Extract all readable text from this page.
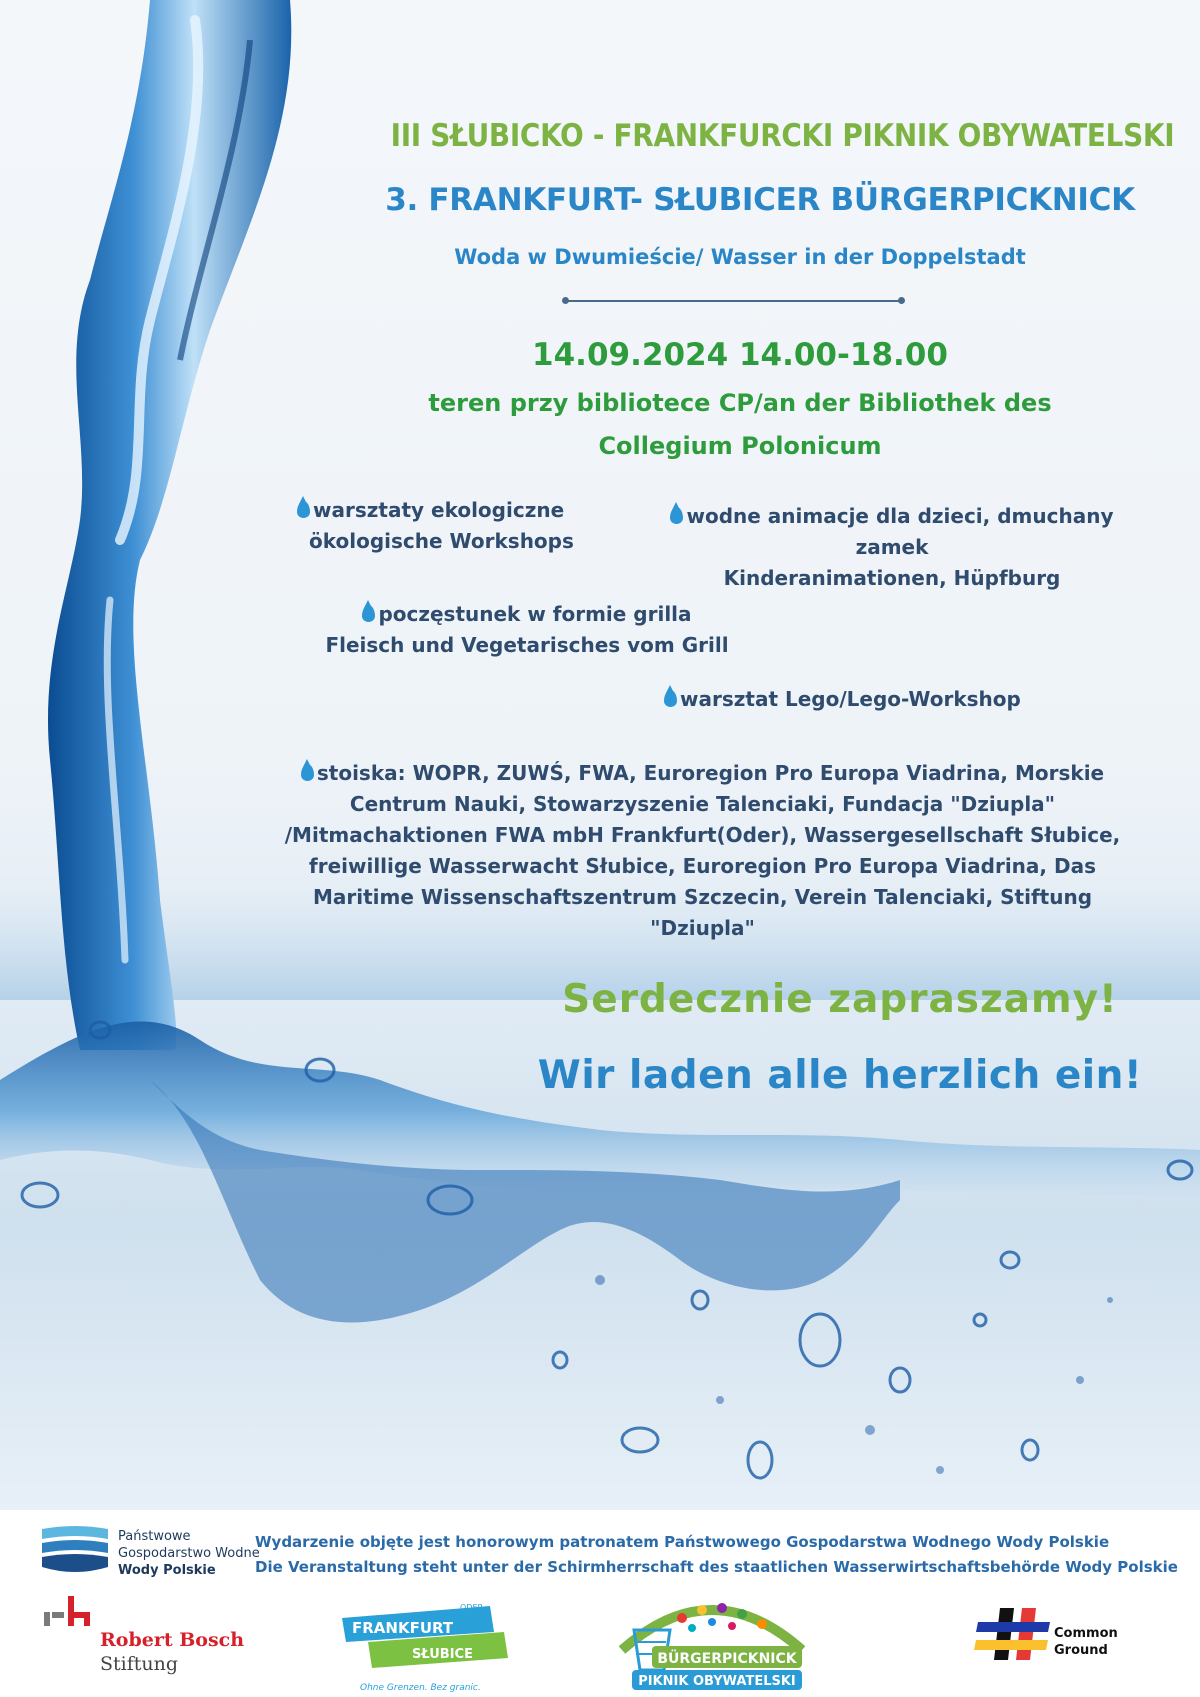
III SŁUBICKO - FRANKFURCKI PIKNIK OBYWATELSKI
3. FRANKFURT- SŁUBICER BÜRGERPICKNICK
Woda w Dwumieście/ Wasser in der Doppelstadt
14.09.2024 14.00-18.00
teren przy bibliotece CP/an der Bibliothek des
Collegium Polonicum
warsztaty ekologiczne
ökologische Workshops
wodne animacje dla dzieci, dmuchany
zamek
Kinderanimationen, Hüpfburg
poczęstunek w formie grilla
Fleisch und Vegetarisches vom Grill
warsztat Lego/Lego-Workshop
stoiska: WOPR, ZUWŚ, FWA, Euroregion Pro Europa Viadrina, Morskie
Centrum Nauki, Stowarzyszenie Talenciaki, Fundacja "Dziupla"
/Mitmachaktionen FWA mbH Frankfurt(Oder), Wassergesellschaft Słubice,
freiwillige Wasserwacht Słubice, Euroregion Pro Europa Viadrina, Das
Maritime Wissenschaftszentrum Szczecin, Verein Talenciaki, Stiftung
"Dziupla"
Serdecznie zapraszamy!
Wir laden alle herzlich ein!
Państwowe
Gospodarstwo Wodne
Wody Polskie
Wydarzenie objęte jest honorowym patronatem Państwowego Gospodarstwa Wodnego Wody Polskie
Die Veranstaltung steht unter der Schirmherrschaft des staatlichen Wasserwirtschaftsbehörde Wody Polskie
Robert Bosch
Stiftung
ODER
FRANKFURT
SŁUBICE
Ohne Grenzen. Bez granic.
BÜRGERPICKNICK
PIKNIK OBYWATELSKI
Common
Ground
